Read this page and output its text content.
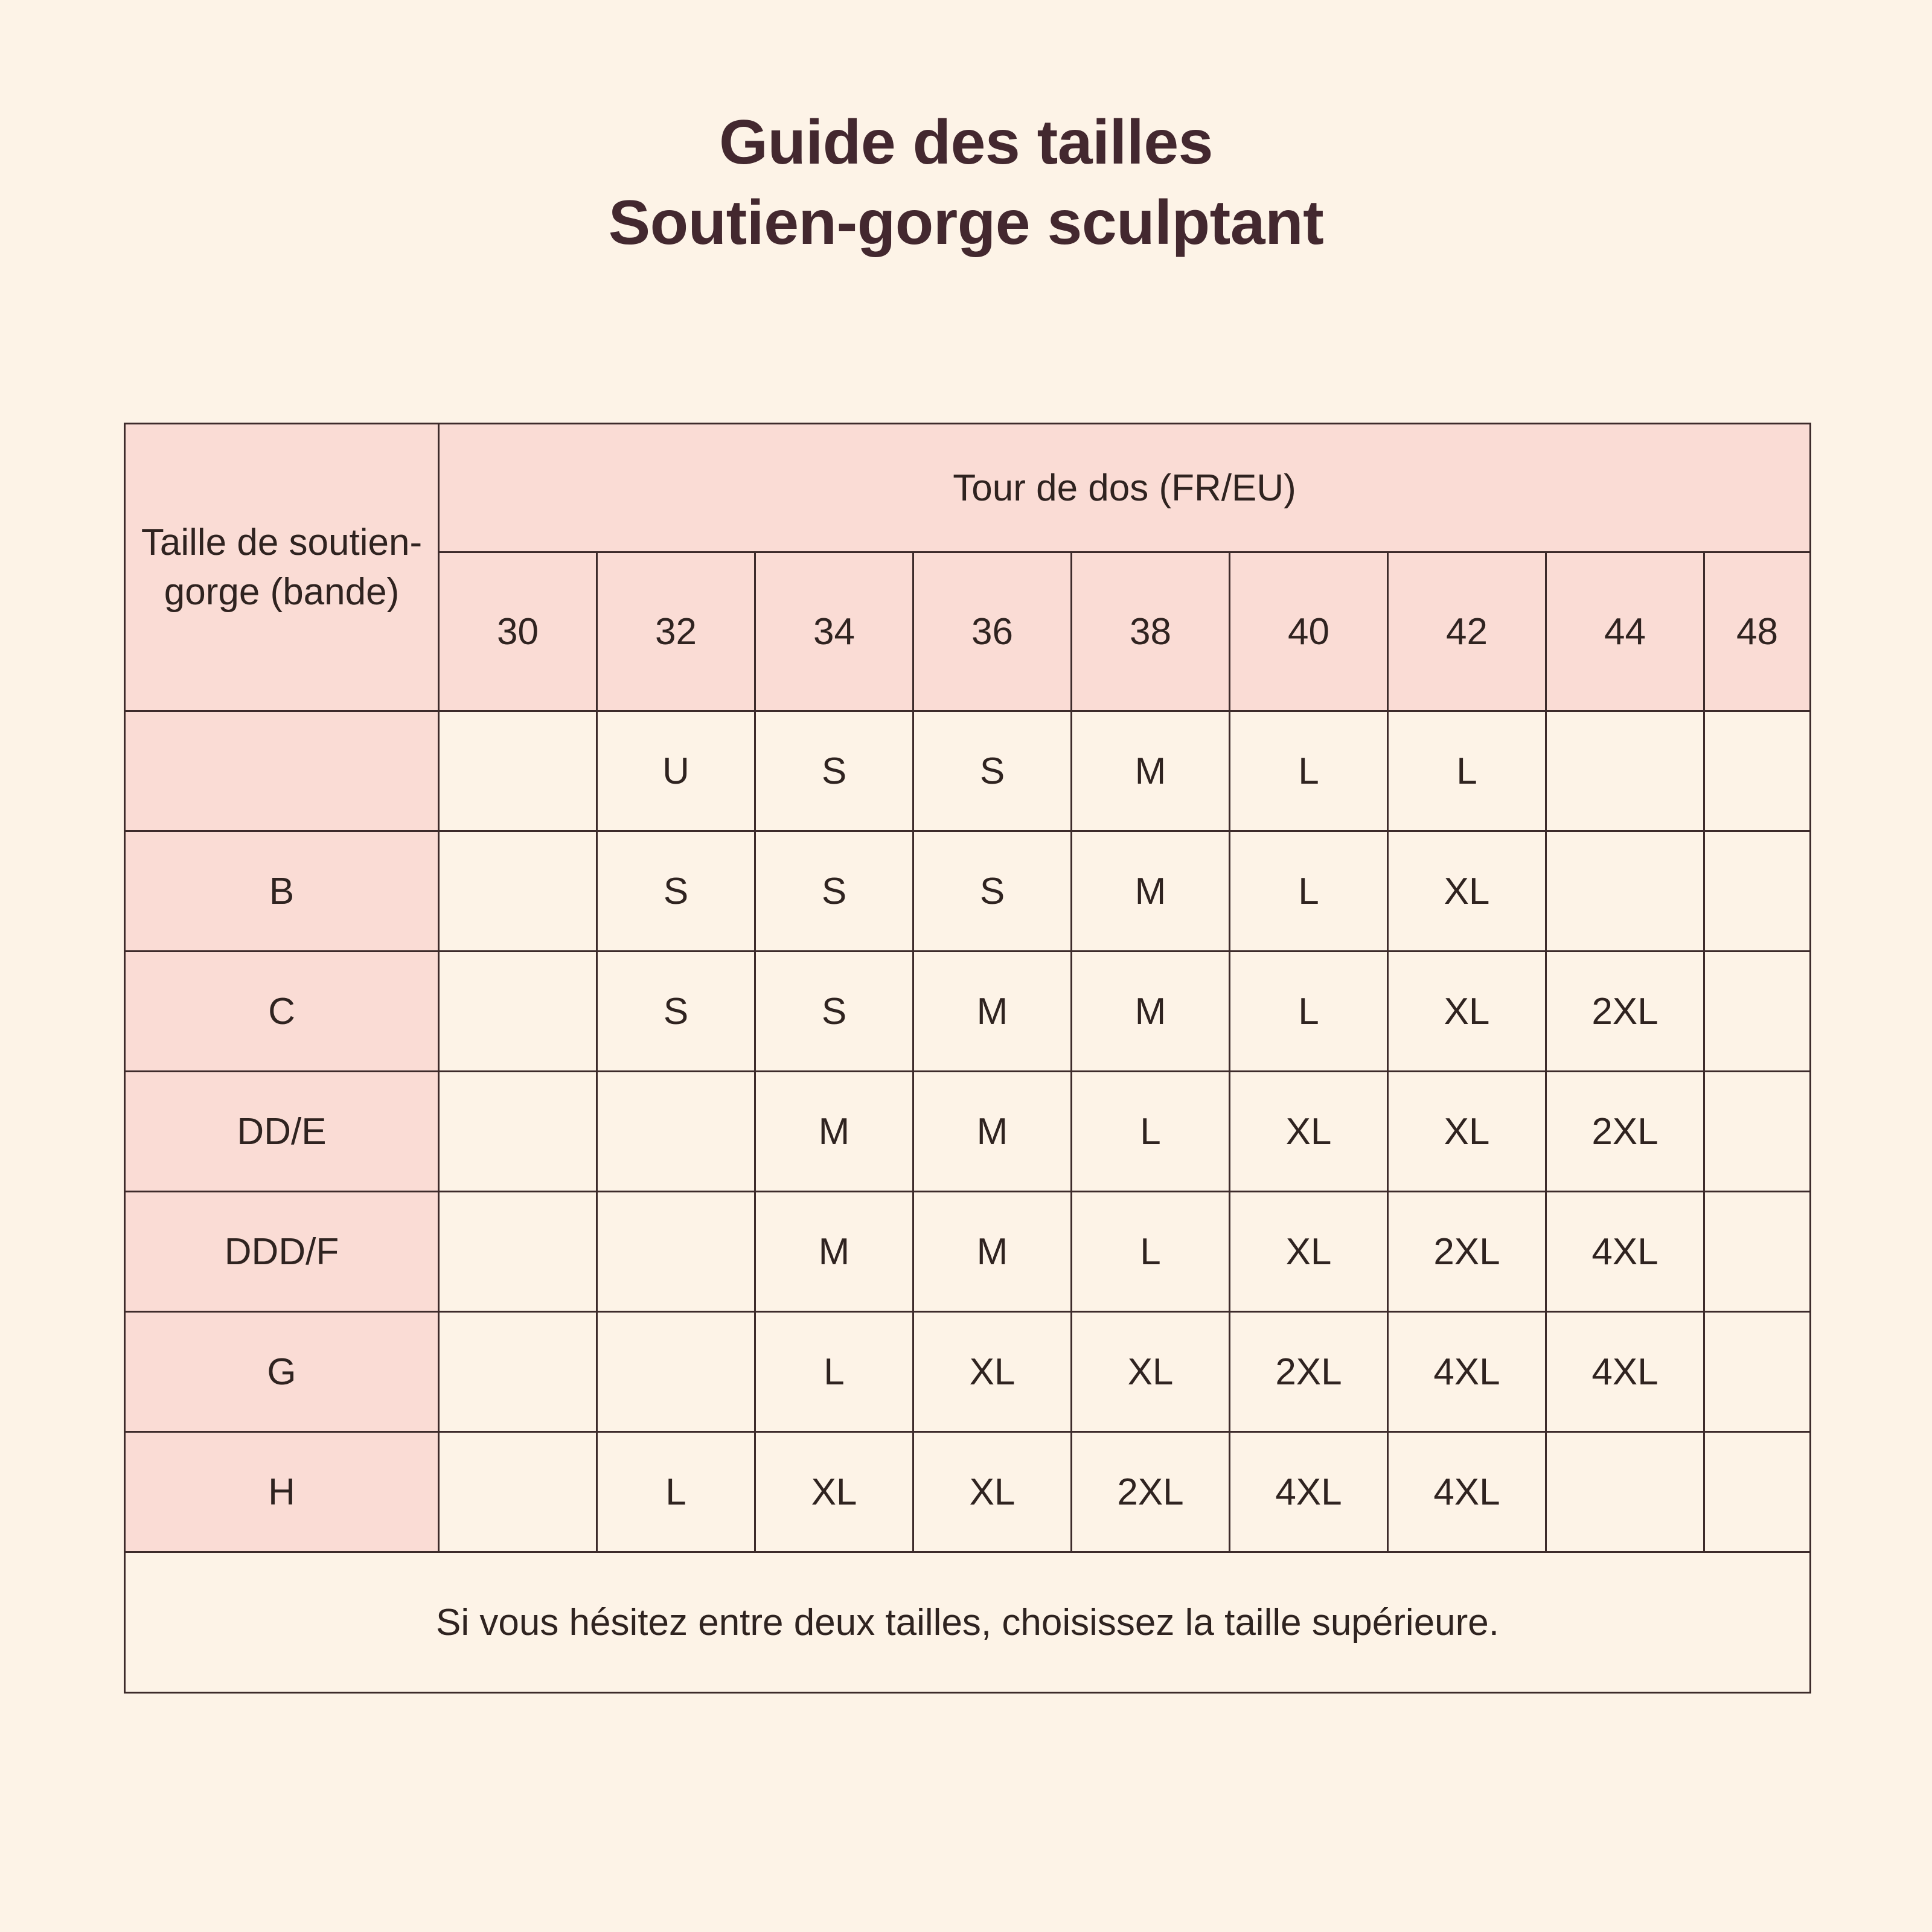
Guide des tailles
Soutien-gorge sculptant
Taille de soutien-gorge (bande)	Tour de dos (FR/EU)								
	30	32	34	36	38	40	42	44	48
		U	S	S	M	L	L		
B		S	S	S	M	L	XL		
C		S	S	M	M	L	XL	2XL	
DD/E			M	M	L	XL	XL	2XL	
DDD/F			M	M	L	XL	2XL	4XL	
G			L	XL	XL	2XL	4XL	4XL	
H		L	XL	XL	2XL	4XL	4XL		
Si vous hésitez entre deux tailles, choisissez la taille supérieure.									
